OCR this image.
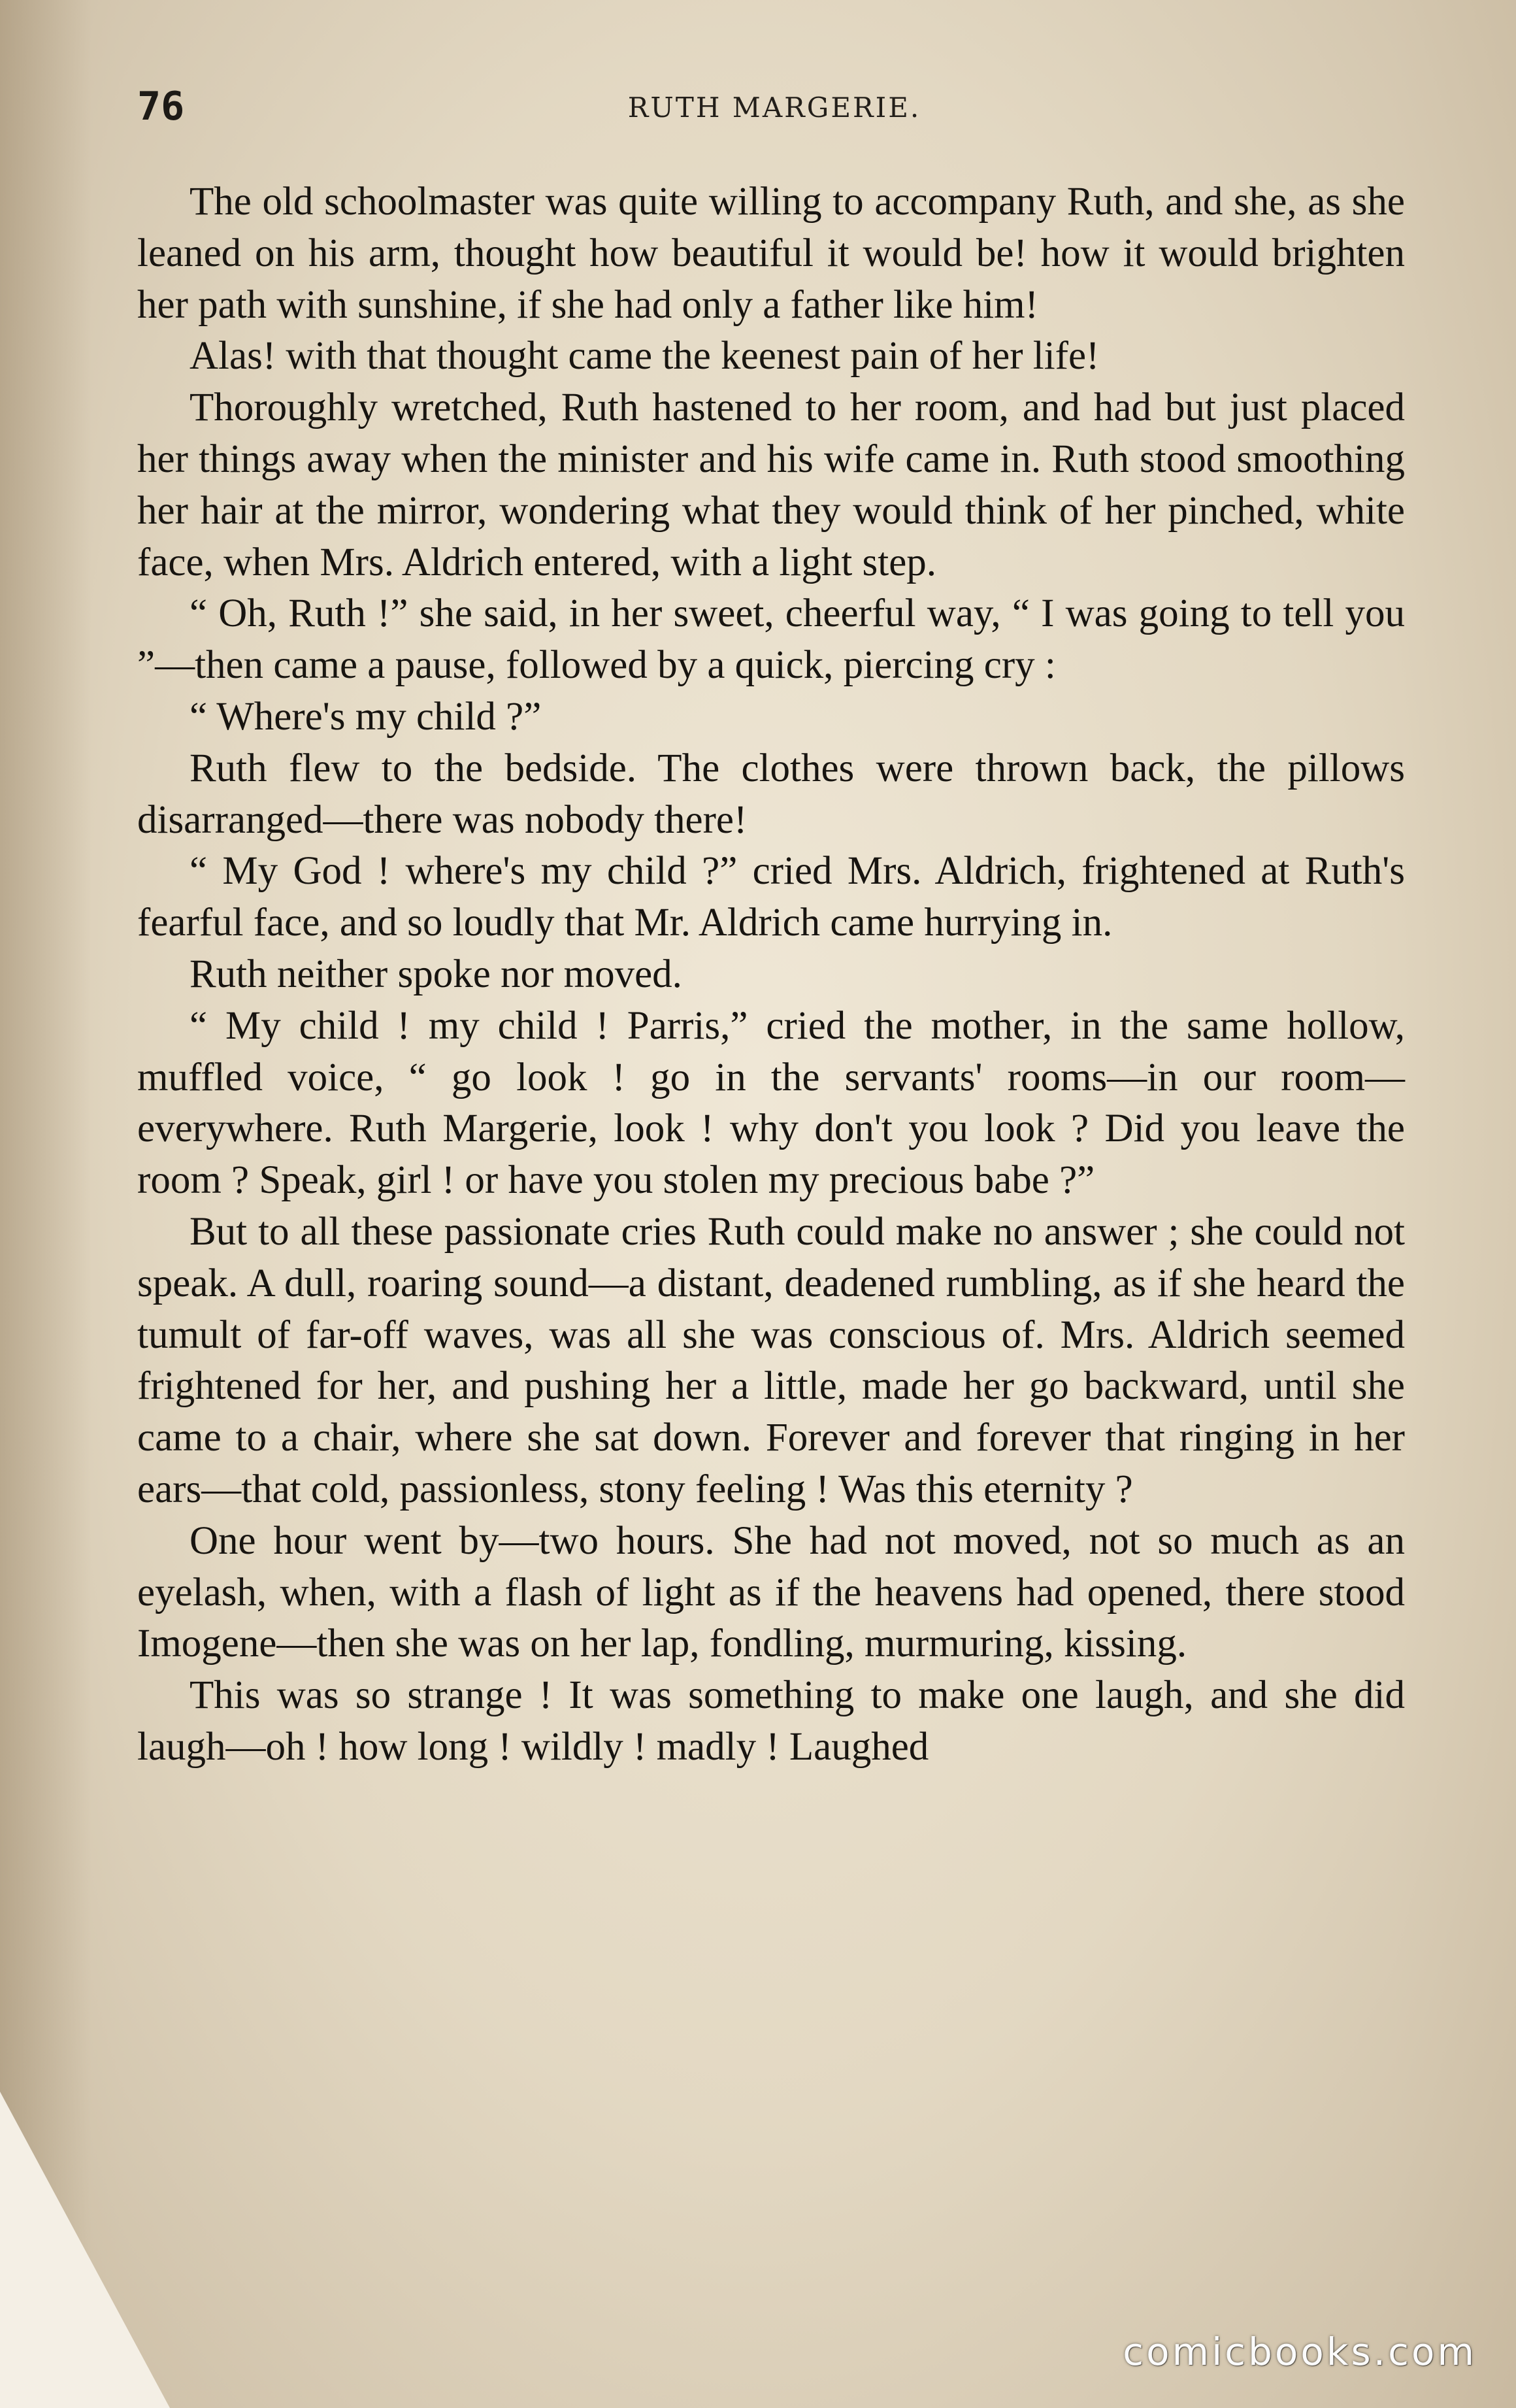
76	RUTH MARGERIE.

The old schoolmaster was quite willing to accompany Ruth, and she, as she leaned on his arm, thought how beautiful it would be! how it would brighten her path with sunshine, if she had only a father like him!

Alas! with that thought came the keenest pain of her life!

Thoroughly wretched, Ruth hastened to her room, and had but just placed her things away when the minister and his wife came in. Ruth stood smoothing her hair at the mirror, wondering what they would think of her pinched, white face, when Mrs. Aldrich entered, with a light step.

“ Oh, Ruth !” she said, in her sweet, cheerful way, “ I was going to tell you ”—then came a pause, followed by a quick, piercing cry :

“ Where's my child ?”

Ruth flew to the bedside. The clothes were thrown back, the pillows disarranged—there was nobody there!

“ My God ! where's my child ?” cried Mrs. Aldrich, frightened at Ruth's fearful face, and so loudly that Mr. Aldrich came hurrying in.

Ruth neither spoke nor moved.

“ My child ! my child ! Parris,” cried the mother, in the same hollow, muffled voice, “ go look ! go in the servants' rooms—in our room—everywhere. Ruth Margerie, look ! why don't you look ? Did you leave the room ? Speak, girl ! or have you stolen my precious babe ?”

But to all these passionate cries Ruth could make no answer ; she could not speak. A dull, roaring sound—a distant, deadened rumbling, as if she heard the tumult of far-off waves, was all she was conscious of. Mrs. Aldrich seemed frightened for her, and pushing her a little, made her go backward, until she came to a chair, where she sat down. Forever and forever that ringing in her ears—that cold, passionless, stony feeling ! Was this eternity ?

One hour went by—two hours. She had not moved, not so much as an eyelash, when, with a flash of light as if the heavens had opened, there stood Imogene—then she was on her lap, fondling, murmuring, kissing.

This was so strange ! It was something to make one laugh, and she did laugh—oh ! how long ! wildly ! madly ! Laughed

comicbooks.com
